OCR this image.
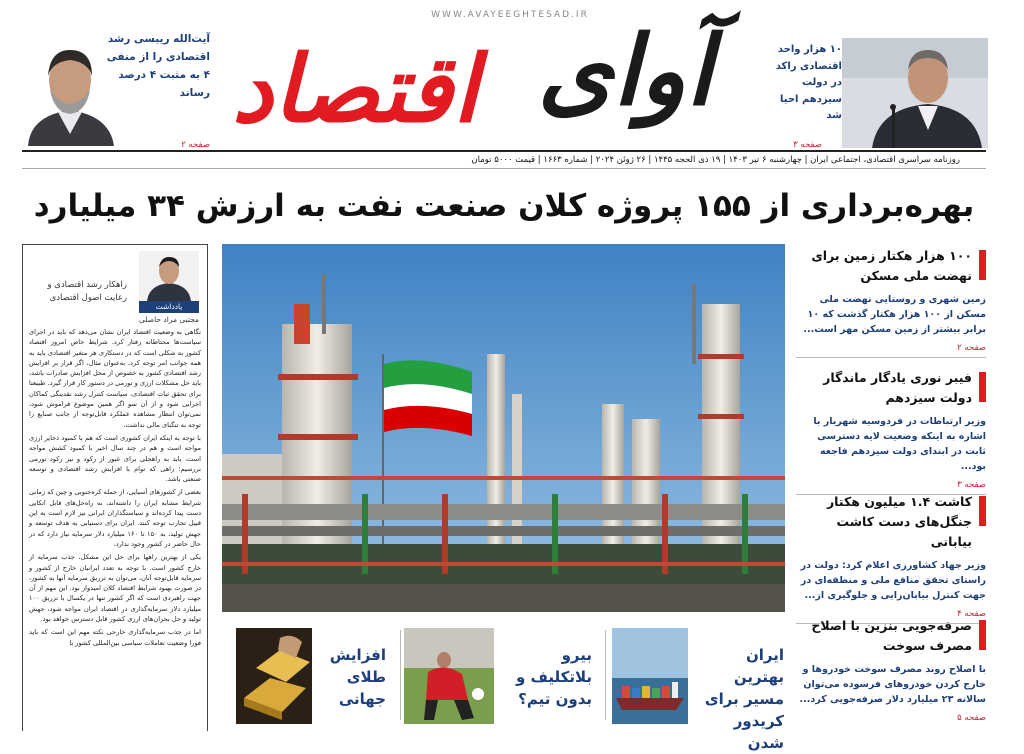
WWW.AVAYEEGHTESAD.IR
آوای
اقتصاد
آیت‌الله رییسی رشد اقتصادی را از منفی ۴ به مثبت ۴ درصد رساند
صفحه ۲
۱۰ هزار واحد اقتصادی راکد در دولت سیزدهم احیا شد
صفحه ۳
روزنامه سراسری اقتصادی، اجتماعی ایران | چهارشنبه ۶ تیر ۱۴۰۳ | ۱۹ ذی الحجه ۱۴۴۵ | ۲۶ ژوئن ۲۰۲۴ | شماره ۱۶۶۳ | قیمت ۵۰۰۰ تومان
بهره‌برداری از ۱۵۵ پروژه کلان صنعت نفت به ارزش ۳۴ میلیارد
راهکار رشد اقتصادی و رعایت اصول اقتصادی
یادداشت
مجتبی مراد حاصلی

نگاهی به وضعیت اقتصاد ایران نشان می‌دهد که باید در اجرای سیاست‌ها محتاطانه رفتار کرد. شرایط خاص امروز اقتصاد کشور به شکلی است که در دستکاری هر متغیر اقتصادی باید به همه جوانب امر توجه کرد. به‌عنوان مثال، اگر قرار بر افزایش رشد اقتصادی کشور به‌ خصوص از محل افزایش صادرات باشد، باید حل مشکلات ارزی و تورمی در دستور کار قرار گیرد. طبیعتا برای تحقق ثبات اقتصادی، سیاست کنترل رشد نقدینگی کماکان اجرایی شود و از آن سو اگر همین موضوع فراموش شود، نمی‌توان انتظار مشاهده عملکرد قابل‌توجه از جانب صنایع را توجه به تنگنای مالی نداشت.

با توجه به اینکه ایران کشوری است که هم با کمبود ذخایر ارزی مواجه است و هم در چند سال اخیر با کمبود کشش مواجه است، باید به راهحلی برای عبور از رکود و نیز رکود تورمی بررسیم؛ راهی که توام با افزایش رشد اقتصادی و توسعه صنعتی باشد.

بعضی از کشورهای آسیایی، از جمله کره‌جنوبی و چین که زمانی شرایط مشابه ایران را داشته‌اند، به راه‌حل‌های قابل اتکایی دست پیدا کرده‌اند و سیاستگذاران ایرانی نیز لازم است به این قبیل تجارب توجه کنند. ایران برای دستیابی به هدف توسعه و جهش تولید، به ۱۵۰ تا ۱۶۰ میلیارد دلار سرمایه نیاز دارد که در حال حاضر در کشور وجود ندارد.

یکی از بهترین راهها برای حل این مشکل، جذب سرمایه از خارج کشور است. با توجه به تعدد ایرانیان خارج از کشور و سرمایه قابل‌توجه آنان، می‌توان به تزریق سرمایه آنها به کشور، در صورت بهبود شرایط اقتصاد کلان امیدوار بود. این مهم از آن جهت راهبردی است که اگر کشور تنها در یکسال با تزریق ۱۰۰ میلیارد دلار سرمایه‌گذاری در اقتصاد ایران مواجه شود، جهش تولید و حل بحران‌های ارزی کشور قابل دسترس خواهد بود.

اما در جذب سرمایه‌گذاری خارجی نکته مهم این است که باید فورا وضعیت تعاملات سیاسی بین‌المللی کشور با

افزایش طلای جهانی
بیرو بلاتکلیف و بدون تیم؟
ایران بهترین مسیر برای کریدور شدن
۱۰۰ هزار هکتار زمین برای نهضت ملی مسکن
زمین شهری و روستایی نهضت ملی مسکن از ۱۰۰ هزار هکتار گذشت که ۱۰ برابر بیشتر از زمین مسکن مهر است...
صفحه ۲
فیبر نوری یادگار ماندگار دولت سیزدهم
وزیر ارتباطات در فردوسیه شهریار با اشاره به اینکه وضعیت لایه دسترسی ثابت در ابتدای دولت سیزدهم فاجعه بود...
صفحه ۳
کاشت ۱.۴ میلیون هکتار جنگل‌های دست کاشت بیابانی
وزیر جهاد کشاورزی اعلام کرد: دولت در راستای تحقق منافع ملی و منطقه‌ای در جهت کنترل بیابان‌زایی و جلوگیری از...
صفحه ۴
صرفه‌جویی بنزین با اصلاح مصرف سوخت
با اصلاح روند مصرف سوخت خودروها و خارج کردن خودروهای فرسوده می‌توان سالانه ۲۳ میلیارد دلار صرفه‌جویی کرد...
صفحه ۵
